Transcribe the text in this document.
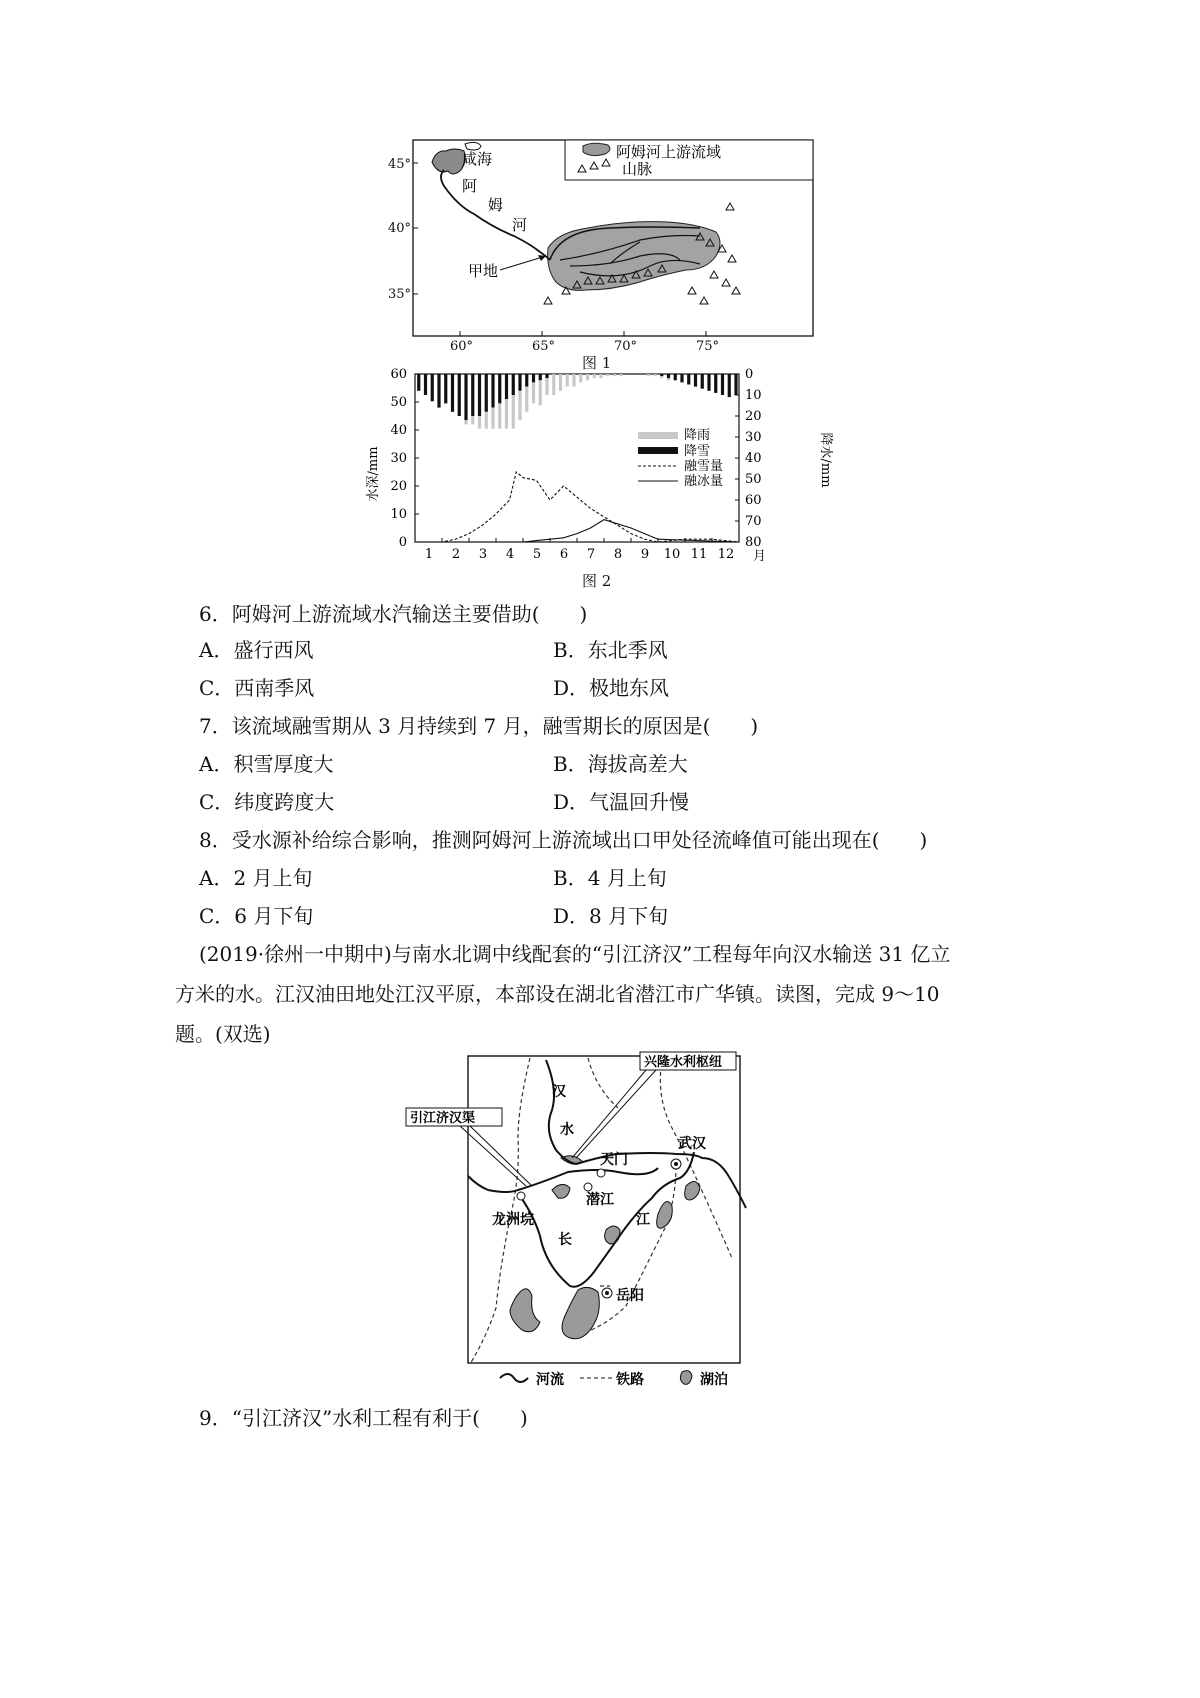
阿姆河上游流域
山脉
45°
40°
35°
60°	65°	70°	75°
咸海
阿
姆
河
甲地
图 1
60
50
40
30
20
10
0
0
10
20
30
40
50
60
70
80
1 2 3 4 5 6 7 8 9 10 11 12
水深/mm	降水/mm
降雨
降雪
融雪量
融冰量
月
图 2
6．阿姆河上游流域水汽输送主要借助(　　)
A．盛行西风	B．东北季风
C．西南季风	D．极地东风
7．该流域融雪期从 3 月持续到 7 月，融雪期长的原因是(　　)
A．积雪厚度大	B．海拔高差大
C．纬度跨度大	D．气温回升慢
8．受水源补给综合影响，推测阿姆河上游流域出口甲处径流峰值可能出现在(　　)
A．2 月上旬	B．4 月上旬
C．6 月下旬	D．8 月下旬
(2019·徐州一中期中)与南水北调中线配套的“引江济汉”工程每年向汉水输送 31 亿立方米的水。江汉油田地处江汉平原，本部设在湖北省潜江市广华镇。读图，完成 9～10 题。(双选)
兴隆水利枢纽
引江济汉渠
汉
水
天门
武汉
潜江
龙洲垸
长
江
岳阳
河流	铁路	湖泊
9．“引江济汉”水利工程有利于(　　)
